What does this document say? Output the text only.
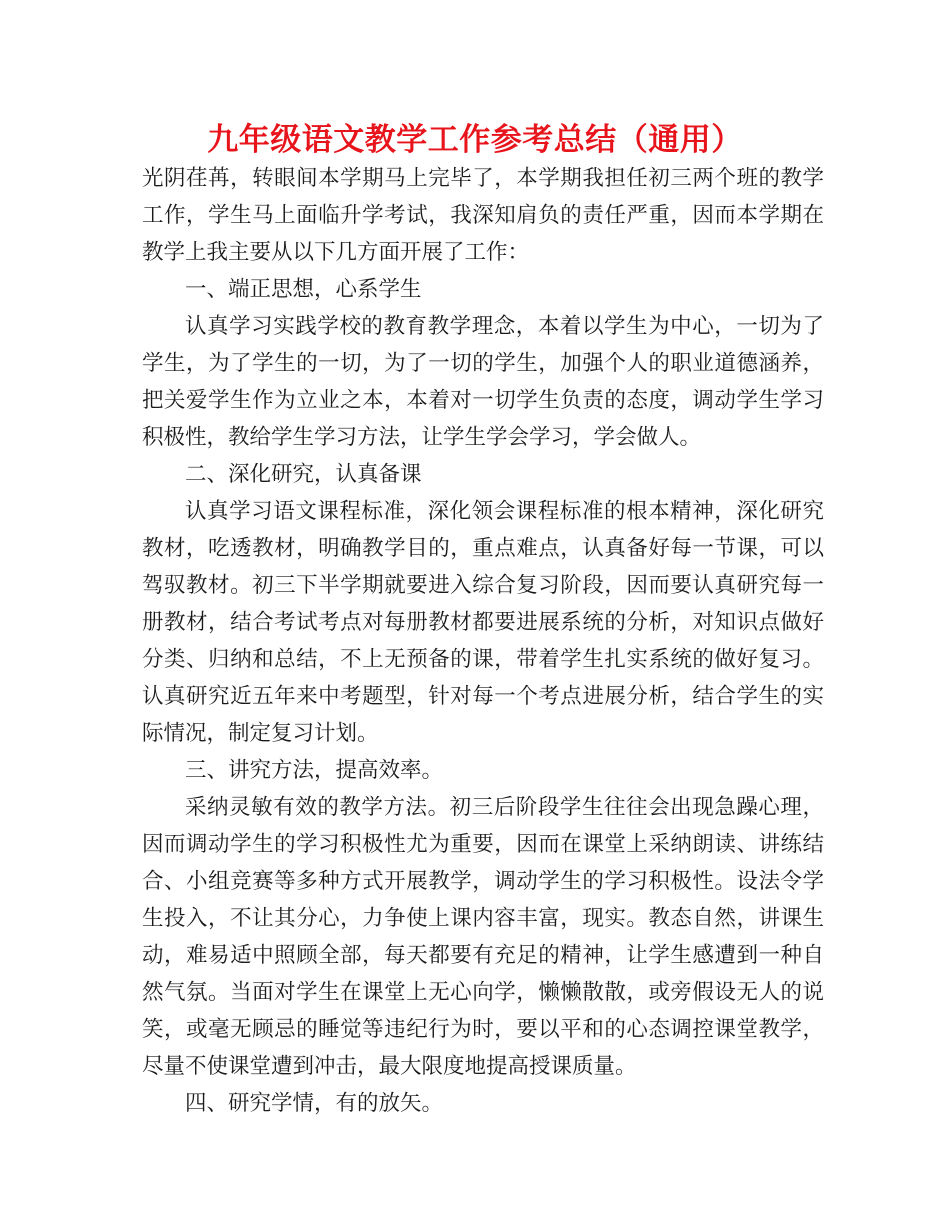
九年级语文教学工作参考总结（通用）

光阴荏苒，转眼间本学期马上完毕了，本学期我担任初三两个班的教学工作，学生马上面临升学考试，我深知肩负的责任严重，因而本学期在教学上我主要从以下几方面开展了工作：

一、端正思想，心系学生

认真学习实践学校的教育教学理念，本着以学生为中心，一切为了学生，为了学生的一切，为了一切的学生，加强个人的职业道德涵养，把关爱学生作为立业之本，本着对一切学生负责的态度，调动学生学习积极性，教给学生学习方法，让学生学会学习，学会做人。

二、深化研究，认真备课

认真学习语文课程标准，深化领会课程标准的根本精神，深化研究教材，吃透教材，明确教学目的，重点难点，认真备好每一节课，可以驾驭教材。初三下半学期就要进入综合复习阶段，因而要认真研究每一册教材，结合考试考点对每册教材都要进展系统的分析，对知识点做好分类、归纳和总结，不上无预备的课，带着学生扎实系统的做好复习。认真研究近五年来中考题型，针对每一个考点进展分析，结合学生的实际情况，制定复习计划。

三、讲究方法，提高效率。

采纳灵敏有效的教学方法。初三后阶段学生往往会出现急躁心理，因而调动学生的学习积极性尤为重要，因而在课堂上采纳朗读、讲练结合、小组竞赛等多种方式开展教学，调动学生的学习积极性。设法令学生投入，不让其分心，力争使上课内容丰富，现实。教态自然，讲课生动，难易适中照顾全部，每天都要有充足的精神，让学生感遭到一种自然气氛。当面对学生在课堂上无心向学，懒懒散散，或旁假设无人的说笑，或毫无顾忌的睡觉等违纪行为时，要以平和的心态调控课堂教学，尽量不使课堂遭到冲击，最大限度地提高授课质量。

四、研究学情，有的放矢。
